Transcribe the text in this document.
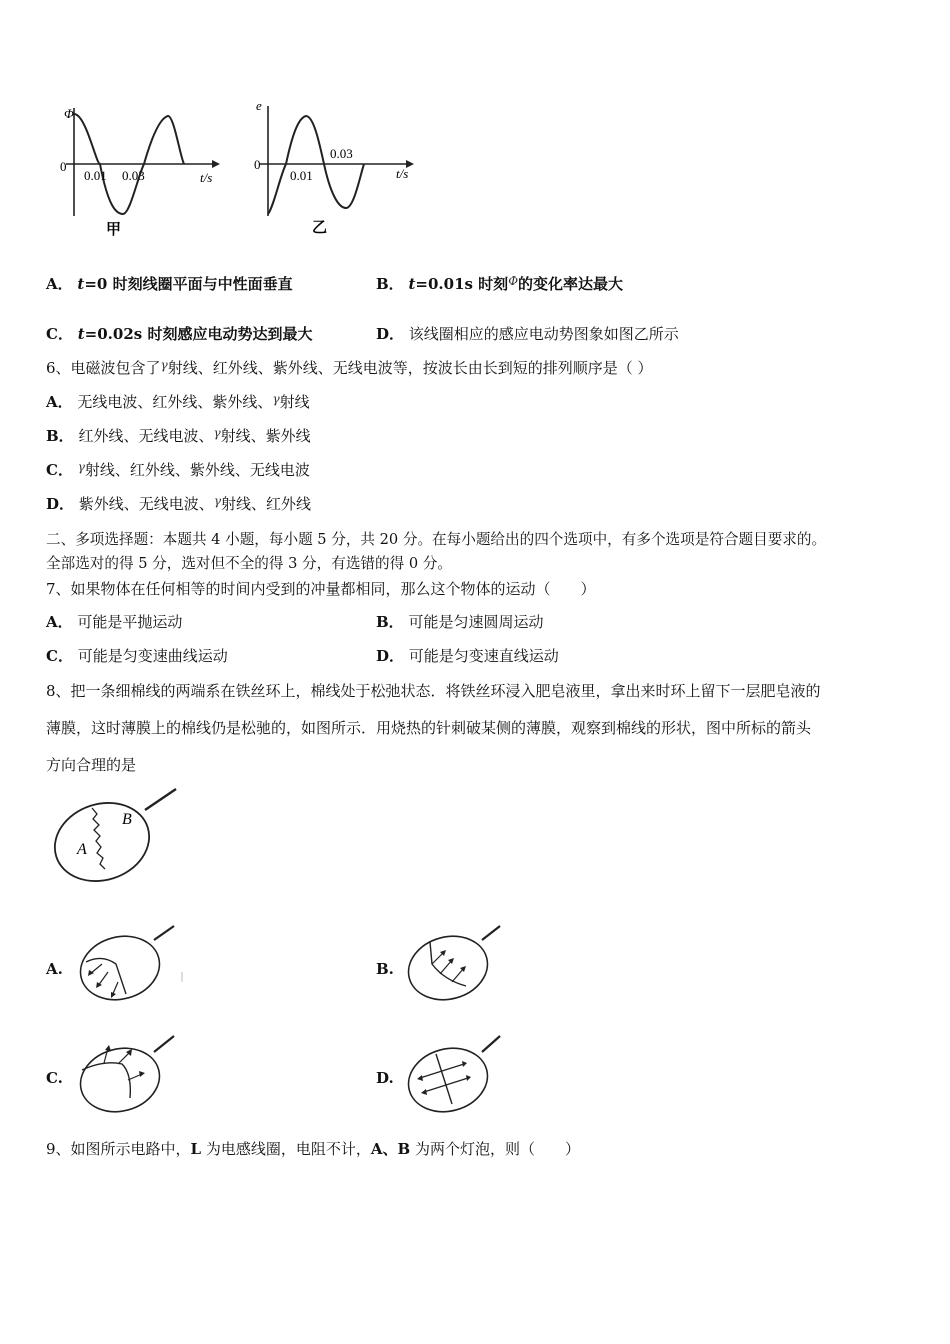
Φ
0
0.01 0.03	t/s
甲
e
0
0.01
0.03
t/s
乙
A． t=0 时刻线圈平面与中性面垂直	B． t=0.01s 时刻$^\Phi$的变化率达最大
C． t=0.02s 时刻感应电动势达到最大	D． 该线圈相应的感应电动势图象如图乙所示
6、电磁波包含了$^\gamma$射线、红外线、紫外线、无线电波等，按波长由长到短的排列顺序是（ ）
A． 无线电波、红外线、紫外线、$^\gamma$射线
B． 红外线、无线电波、$^\gamma$射线、紫外线
C． $^\gamma$射线、红外线、紫外线、无线电波
D． 紫外线、无线电波、$^\gamma$射线、红外线
二、多项选择题：本题共 4 小题，每小题 5 分，共 20 分。在每小题给出的四个选项中，有多个选项是符合题目要求的。
全部选对的得 5 分，选对但不全的得 3 分，有选错的得 0 分。
7、如果物体在任何相等的时间内受到的冲量都相同，那么这个物体的运动（　　）
A． 可能是平抛运动	B． 可能是匀速圆周运动
C． 可能是匀变速曲线运动	D． 可能是匀变速直线运动
8、把一条细棉线的两端系在铁丝环上，棉线处于松弛状态．将铁丝环浸入肥皂液里，拿出来时环上留下一层肥皂液的
薄膜，这时薄膜上的棉线仍是松驰的，如图所示．用烧热的针刺破某侧的薄膜，观察到棉线的形状，图中所标的箭头
方向合理的是
A
B
A.	B.
C.	D.
9、如图所示电路中，L 为电感线圈，电阻不计，A、B 为两个灯泡，则（　　）
